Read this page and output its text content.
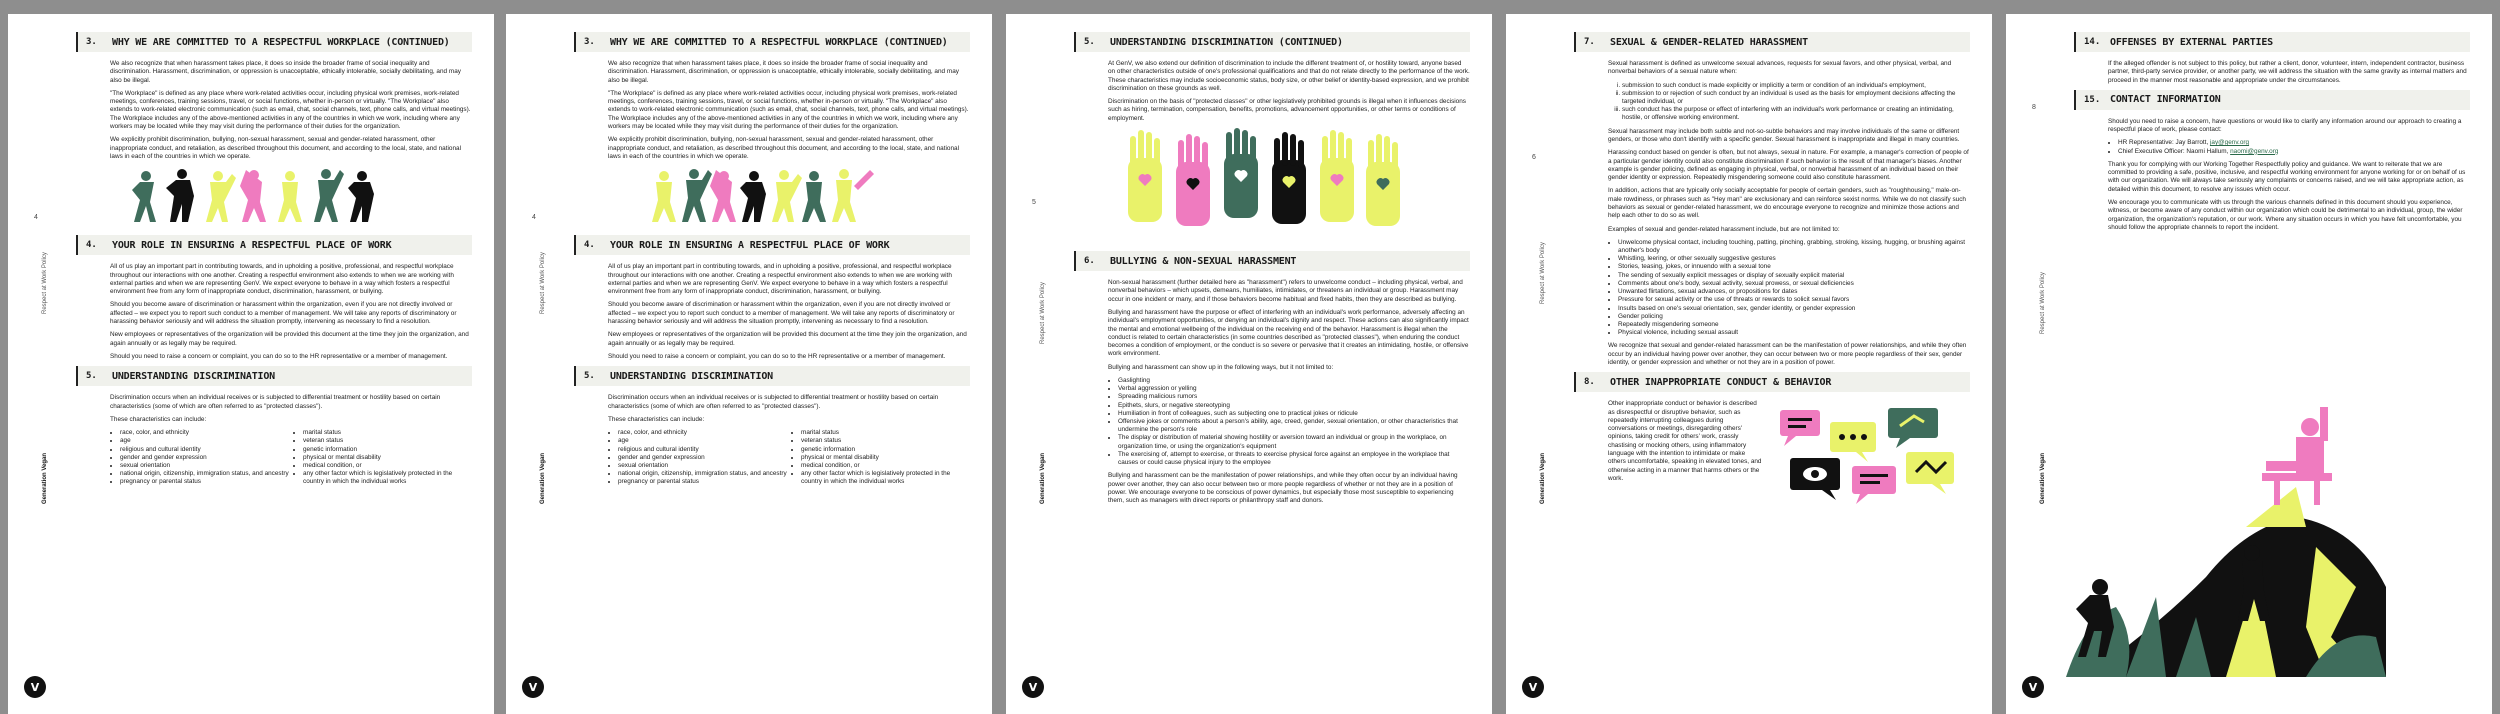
4
Respect at Work Policy
Generation Vegan
V
3.	WHY WE ARE COMMITTED TO A RESPECTFUL WORKPLACE (CONTINUED)

We also recognize that when harassment takes place, it does so inside the broader frame of social inequality and discrimination. Harassment, discrimination, or oppression is unacceptable, ethically intolerable, socially debilitating, and may also be illegal.

"The Workplace" is defined as any place where work-related activities occur, including physical work premises, work-related meetings, conferences, training sessions, travel, or social functions, whether in-person or virtually. "The Workplace" also extends to work-related electronic communication (such as email, chat, social channels, text, phone calls, and virtual meetings). The Workplace includes any of the above-mentioned activities in any of the countries in which we work, including where any workers may be located while they may visit during the performance of their duties for the organization.

We explicitly prohibit discrimination, bullying, non-sexual harassment, sexual and gender-related harassment, other inappropriate conduct, and retaliation, as described throughout this document, and according to the local, state, and national laws in each of the countries in which we operate.

4.	YOUR ROLE IN ENSURING A RESPECTFUL PLACE OF WORK

All of us play an important part in contributing towards, and in upholding a positive, professional, and respectful workplace throughout our interactions with one another. Creating a respectful environment also extends to when we are working with external parties and when we are representing GenV. We expect everyone to behave in a way which fosters a respectful environment free from any form of inappropriate conduct, discrimination, harassment, or bullying.

Should you become aware of discrimination or harassment within the organization, even if you are not directly involved or affected – we expect you to report such conduct to a member of management. We will take any reports of discriminatory or harassing behavior seriously and will address the situation promptly, intervening as necessary to find a resolution.

New employees or representatives of the organization will be provided this document at the time they join the organization, and again annually or as legally may be required.

Should you need to raise a concern or complaint, you can do so to the HR representative or a member of management.

5.	UNDERSTANDING DISCRIMINATION

Discrimination occurs when an individual receives or is subjected to differential treatment or hostility based on certain characteristics (some of which are often referred to as "protected classes").

These characteristics can include:

• race, color, and ethnicity
• age
• religious and cultural identity
• gender and gender expression
• sexual orientation
• national origin, citizenship, immigration status, and ancestry
• pregnancy or parental status
• marital status
• veteran status
• genetic information
• physical or mental disability
• medical condition, or
• any other factor which is legislatively protected in the country in which the individual works
4
Respect at Work Policy
Generation Vegan
V
3.	WHY WE ARE COMMITTED TO A RESPECTFUL WORKPLACE (CONTINUED)

We also recognize that when harassment takes place, it does so inside the broader frame of social inequality and discrimination. Harassment, discrimination, or oppression is unacceptable, ethically intolerable, socially debilitating, and may also be illegal.

"The Workplace" is defined as any place where work-related activities occur, including physical work premises, work-related meetings, conferences, training sessions, travel, or social functions, whether in-person or virtually. "The Workplace" also extends to work-related electronic communication (such as email, chat, social channels, text, phone calls, and virtual meetings). The Workplace includes any of the above-mentioned activities in any of the countries in which we work, including where any workers may be located while they may visit during the performance of their duties for the organization.

We explicitly prohibit discrimination, bullying, non-sexual harassment, sexual and gender-related harassment, other inappropriate conduct, and retaliation, as described throughout this document, and according to the local, state, and national laws in each of the countries in which we operate.

4.	YOUR ROLE IN ENSURING A RESPECTFUL PLACE OF WORK

All of us play an important part in contributing towards, and in upholding a positive, professional, and respectful workplace throughout our interactions with one another. Creating a respectful environment also extends to when we are working with external parties and when we are representing GenV. We expect everyone to behave in a way which fosters a respectful environment free from any form of inappropriate conduct, discrimination, harassment, or bullying.

Should you become aware of discrimination or harassment within the organization, even if you are not directly involved or affected – we expect you to report such conduct to a member of management. We will take any reports of discriminatory or harassing behavior seriously and will address the situation promptly, intervening as necessary to find a resolution.

New employees or representatives of the organization will be provided this document at the time they join the organization, and again annually or as legally may be required.

Should you need to raise a concern or complaint, you can do so to the HR representative or a member of management.

5.	UNDERSTANDING DISCRIMINATION

Discrimination occurs when an individual receives or is subjected to differential treatment or hostility based on certain characteristics (some of which are often referred to as "protected classes").

These characteristics can include:

• race, color, and ethnicity
• age
• religious and cultural identity
• gender and gender expression
• sexual orientation
• national origin, citizenship, immigration status, and ancestry
• pregnancy or parental status
• marital status
• veteran status
• genetic information
• physical or mental disability
• medical condition, or
• any other factor which is legislatively protected in the country in which the individual works
5
Respect at Work Policy
Generation Vegan
V
5.	UNDERSTANDING DISCRIMINATION (CONTINUED)

At GenV, we also extend our definition of discrimination to include the different treatment of, or hostility toward, anyone based on other characteristics outside of one's professional qualifications and that do not relate directly to the performance of the work. These characteristics may include socioeconomic status, body size, or other belief or identity-based expression, and we prohibit discrimination on these grounds as well.

Discrimination on the basis of "protected classes" or other legislatively prohibited grounds is illegal when it influences decisions such as hiring, termination, compensation, benefits, promotions, advancement opportunities, or other terms or conditions of employment.

6.	BULLYING & NON-SEXUAL HARASSMENT

Non-sexual harassment (further detailed here as "harassment") refers to unwelcome conduct – including physical, verbal, and nonverbal behaviors – which upsets, demeans, humiliates, intimidates, or threatens an individual or group. Harassment may occur in one incident or many, and if those behaviors become habitual and fixed habits, then they are described as bullying.

Bullying and harassment have the purpose or effect of interfering with an individual's work performance, adversely affecting an individual's employment opportunities, or denying an individual's dignity and respect. These actions can also significantly impact the mental and emotional wellbeing of the individual on the receiving end of the behavior. Harassment is illegal when the conduct is related to certain characteristics (in some countries described as "protected classes"), when enduring the conduct becomes a condition of employment, or the conduct is so severe or pervasive that it creates an intimidating, hostile, or offensive work environment.

Bullying and harassment can show up in the following ways, but it not limited to:

• Gaslighting
• Verbal aggression or yelling
• Spreading malicious rumors
• Epithets, slurs, or negative stereotyping
• Humiliation in front of colleagues, such as subjecting one to practical jokes or ridicule
• Offensive jokes or comments about a person's ability, age, creed, gender, sexual orientation, or other characteristics that undermine the person's role
• The display or distribution of material showing hostility or aversion toward an individual or group in the workplace, on organization time, or using the organization's equipment
• The exercising of, attempt to exercise, or threats to exercise physical force against an employee in the workplace that causes or could cause physical injury to the employee

Bullying and harassment can be the manifestation of power relationships, and while they often occur by an individual having power over another, they can also occur between two or more people regardless of whether or not they are in a position of power. We encourage everyone to be conscious of power dynamics, but especially those most susceptible to experiencing them, such as managers with direct reports or philanthropy staff and donors.

6
Respect at Work Policy
Generation Vegan
V
7.	SEXUAL & GENDER-RELATED HARASSMENT

Sexual harassment is defined as unwelcome sexual advances, requests for sexual favors, and other physical, verbal, and nonverbal behaviors of a sexual nature when:

i. submission to such conduct is made explicitly or implicitly a term or condition of an individual's employment,
ii. submission to or rejection of such conduct by an individual is used as the basis for employment decisions affecting the targeted individual, or
iii. such conduct has the purpose or effect of interfering with an individual's work performance or creating an intimidating, hostile, or offensive working environment.

Sexual harassment may include both subtle and not-so-subtle behaviors and may involve individuals of the same or different genders, or those who don't identify with a specific gender. Sexual harassment is inappropriate and illegal in many countries.

Harassing conduct based on gender is often, but not always, sexual in nature. For example, a manager's correction of people of a particular gender identity could also constitute discrimination if such behavior is the result of that manager's biases. Another example is gender policing, defined as engaging in physical, verbal, or nonverbal harassment of an individual based on their gender identity or expression. Repeatedly misgendering someone could also constitute harassment.

In addition, actions that are typically only socially acceptable for people of certain genders, such as "roughhousing," male-on-male rowdiness, or phrases such as "Hey man" are exclusionary and can reinforce sexist norms. While we do not classify such behaviors as sexual or gender-related harassment, we do encourage everyone to recognize and minimize those actions and help each other to do so as well.

Examples of sexual and gender-related harassment include, but are not limited to:

• Unwelcome physical contact, including touching, patting, pinching, grabbing, stroking, kissing, hugging, or brushing against another's body
• Whistling, leering, or other sexually suggestive gestures
• Stories, teasing, jokes, or innuendo with a sexual tone
• The sending of sexually explicit messages or display of sexually explicit material
• Comments about one's body, sexual activity, sexual prowess, or sexual deficiencies
• Unwanted flirtations, sexual advances, or propositions for dates
• Pressure for sexual activity or the use of threats or rewards to solicit sexual favors
• Insults based on one's sexual orientation, sex, gender identity, or gender expression
• Gender policing
• Repeatedly misgendering someone
• Physical violence, including sexual assault

We recognize that sexual and gender-related harassment can be the manifestation of power relationships, and while they often occur by an individual having power over another, they can occur between two or more people regardless of their sex, gender identity, or gender expression and whether or not they are in a position of power.

8.	OTHER INAPPROPRIATE CONDUCT & BEHAVIOR

Other inappropriate conduct or behavior is described as disrespectful or disruptive behavior, such as repeatedly interrupting colleagues during conversations or meetings, disregarding others' opinions, taking credit for others' work, crassly chastising or mocking others, using inflammatory language with the intention to intimidate or make others uncomfortable, speaking in elevated tones, and otherwise acting in a manner that harms others or the work.

8
Respect at Work Policy
Generation Vegan
V
14. OFFENSES BY EXTERNAL PARTIES

If the alleged offender is not subject to this policy, but rather a client, donor, volunteer, intern, independent contractor, business partner, third-party service provider, or another party, we will address the situation with the same gravity as internal matters and proceed in the manner most reasonable and appropriate under the circumstances.

15. CONTACT INFORMATION

Should you need to raise a concern, have questions or would like to clarify any information around our approach to creating a respectful place of work, please contact:

• HR Representative: Jay Barrott, jay@genv.org
• Chief Executive Officer: Naomi Hallum, naomi@genv.org

Thank you for complying with our Working Together Respectfully policy and guidance. We want to reiterate that we are committed to providing a safe, positive, inclusive, and respectful working environment for anyone working for or on behalf of us with our organization. We will always take seriously any complaints or concerns raised, and we will take appropriate action, as detailed within this document, to resolve any issues which occur.

We encourage you to communicate with us through the various channels defined in this document should you experience, witness, or become aware of any conduct within our organization which could be detrimental to an individual, group, the wider organization, the organization's reputation, or our work. Where any situation occurs in which you have felt uncomfortable, you should follow the appropriate channels to report the incident.
